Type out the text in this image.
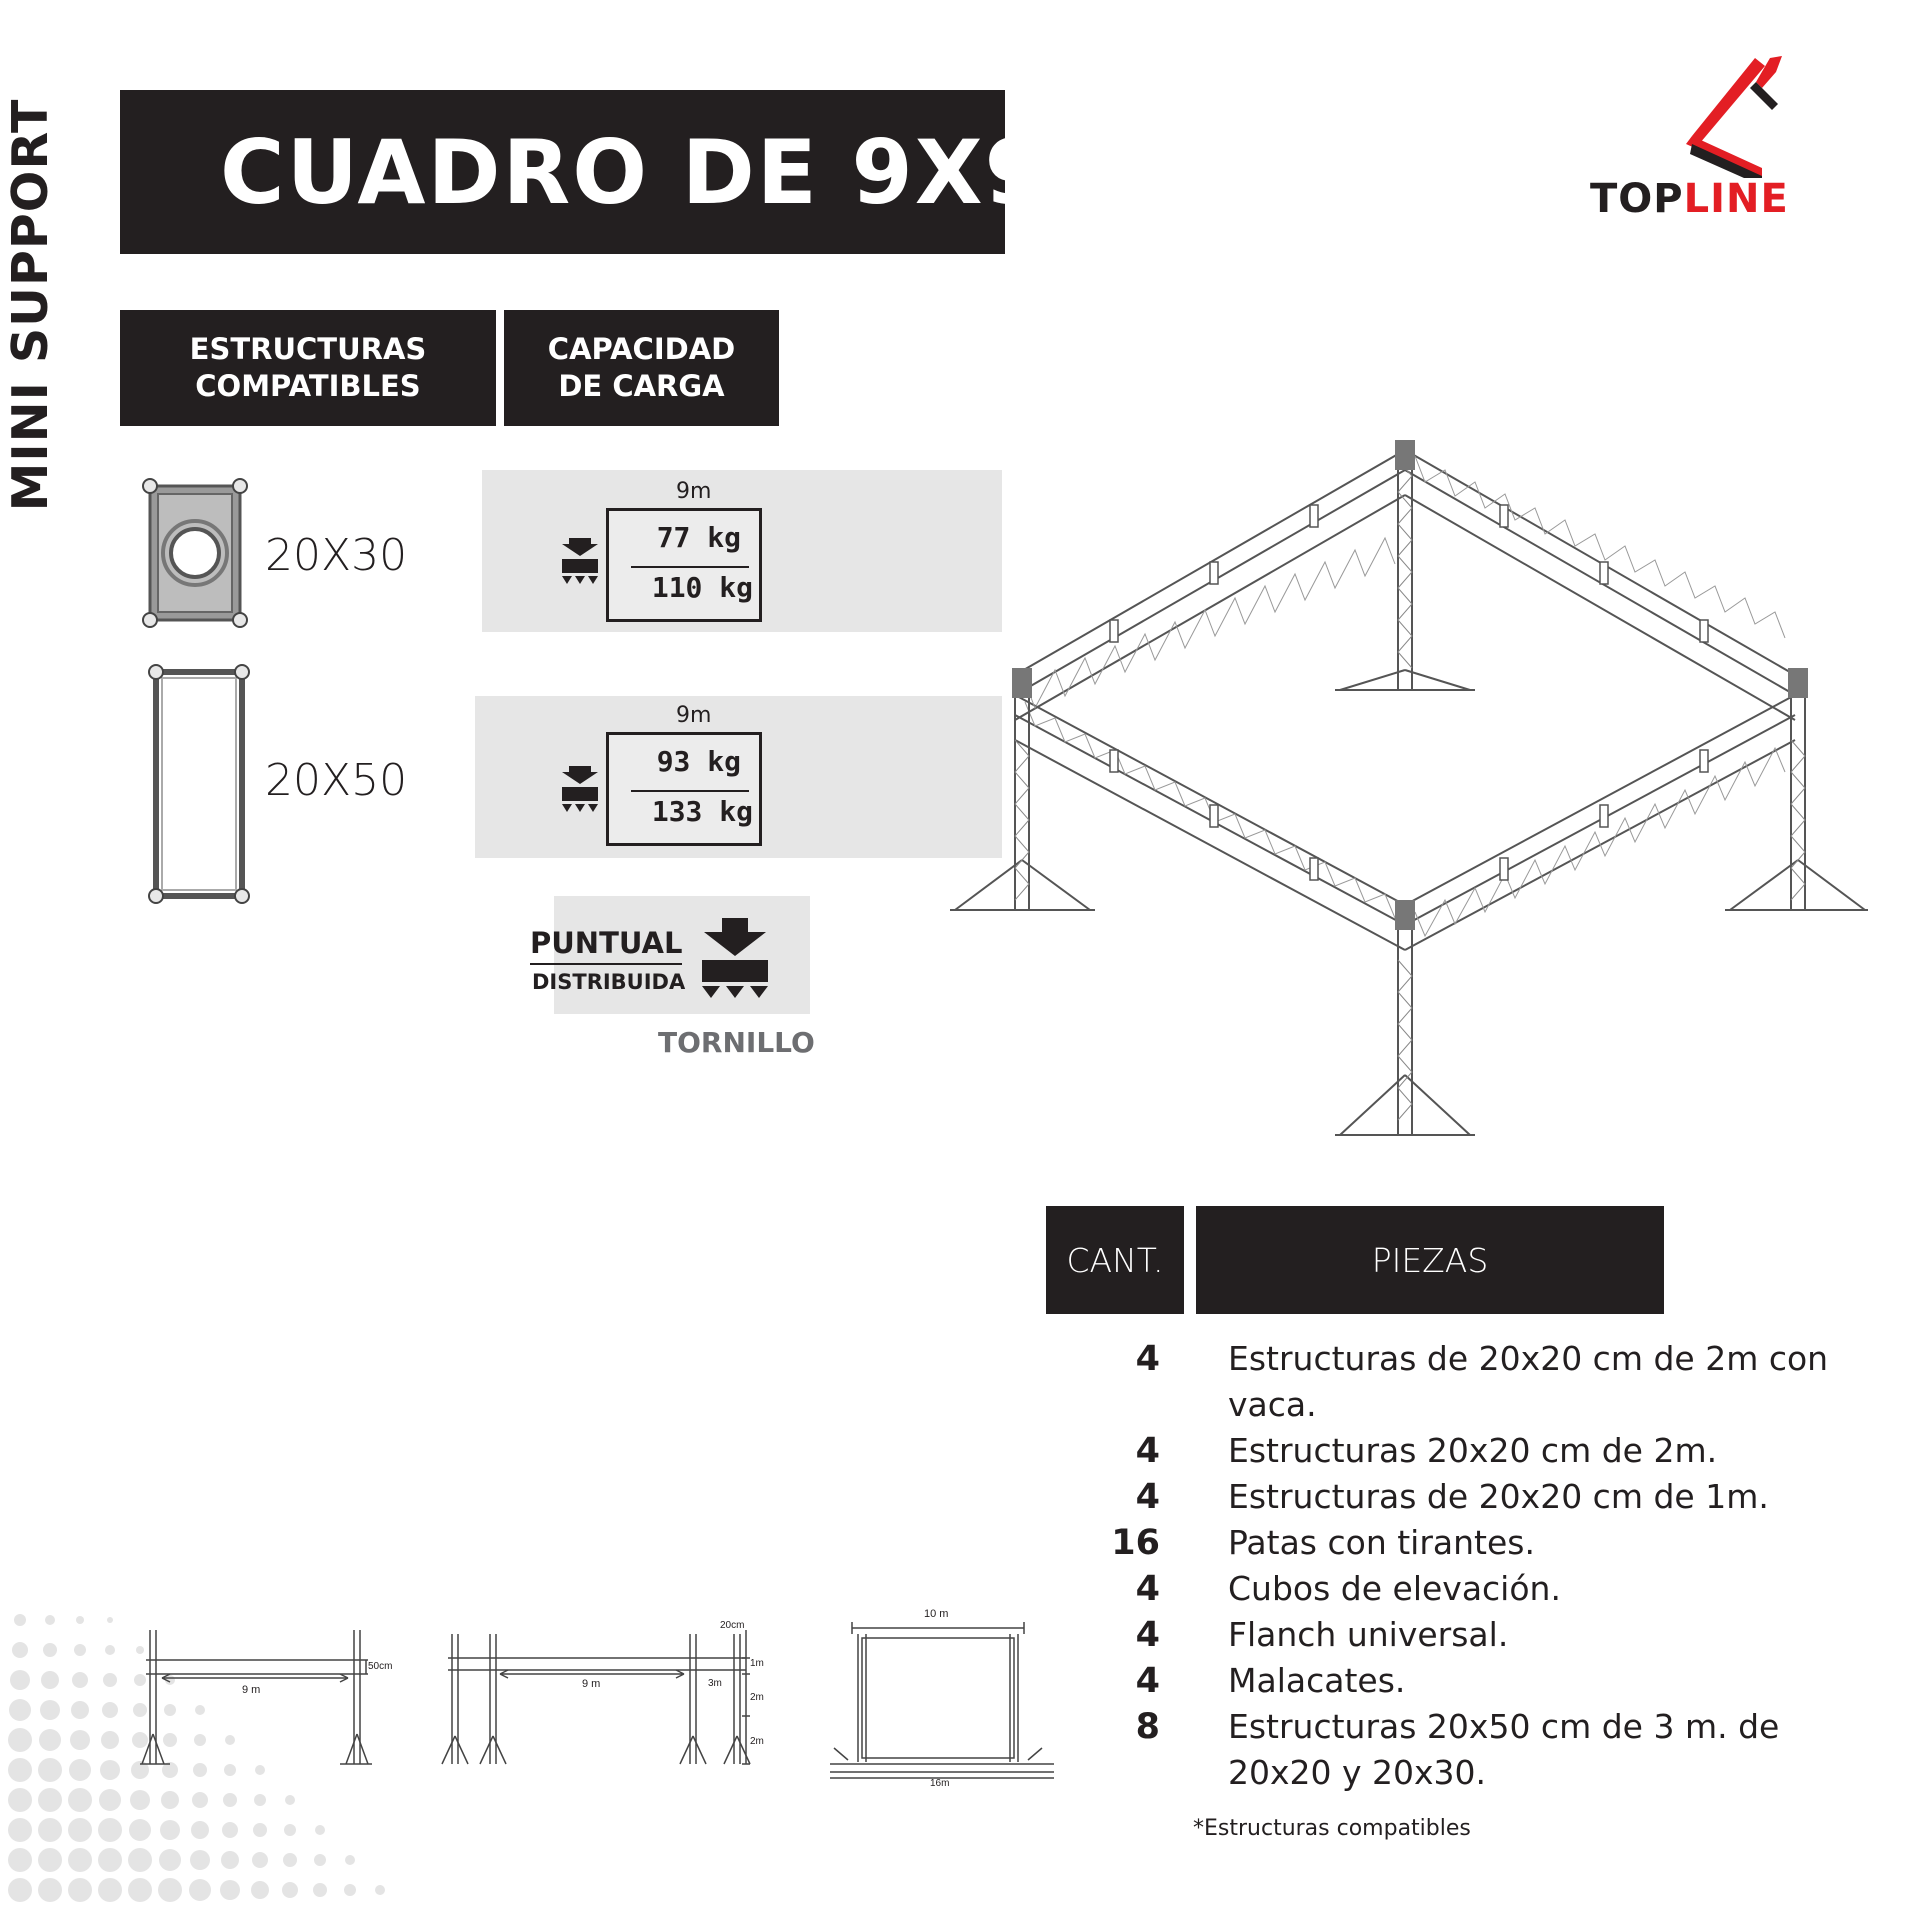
MINI SUPPORT CUADRO DE 9X9	TOPLINE
ESTRUCTURAS
COMPATIBLES
CAPACIDAD
DE CARGA
20X30
9m
77 kg
110 kg
20X50
9m
93 kg
133 kg
PUNTUAL
DISTRIBUIDA
TORNILLO
CANT.	PIEZAS
4 Estructuras de 20x20 cm de 2m con vaca.
4 Estructuras 20x20 cm de 2m.
4 Estructuras de 20x20 cm de 1m.
16 Patas con tirantes.
4 Cubos de elevación.
4 Flanch universal.
4 Malacates.
8 Estructuras 20x50 cm de 3 m. de 20x20 y 20x30.
*Estructuras compatibles
9 m
50cm
9 m
20cm
1m
2m
2m
3m
10 m
16m
